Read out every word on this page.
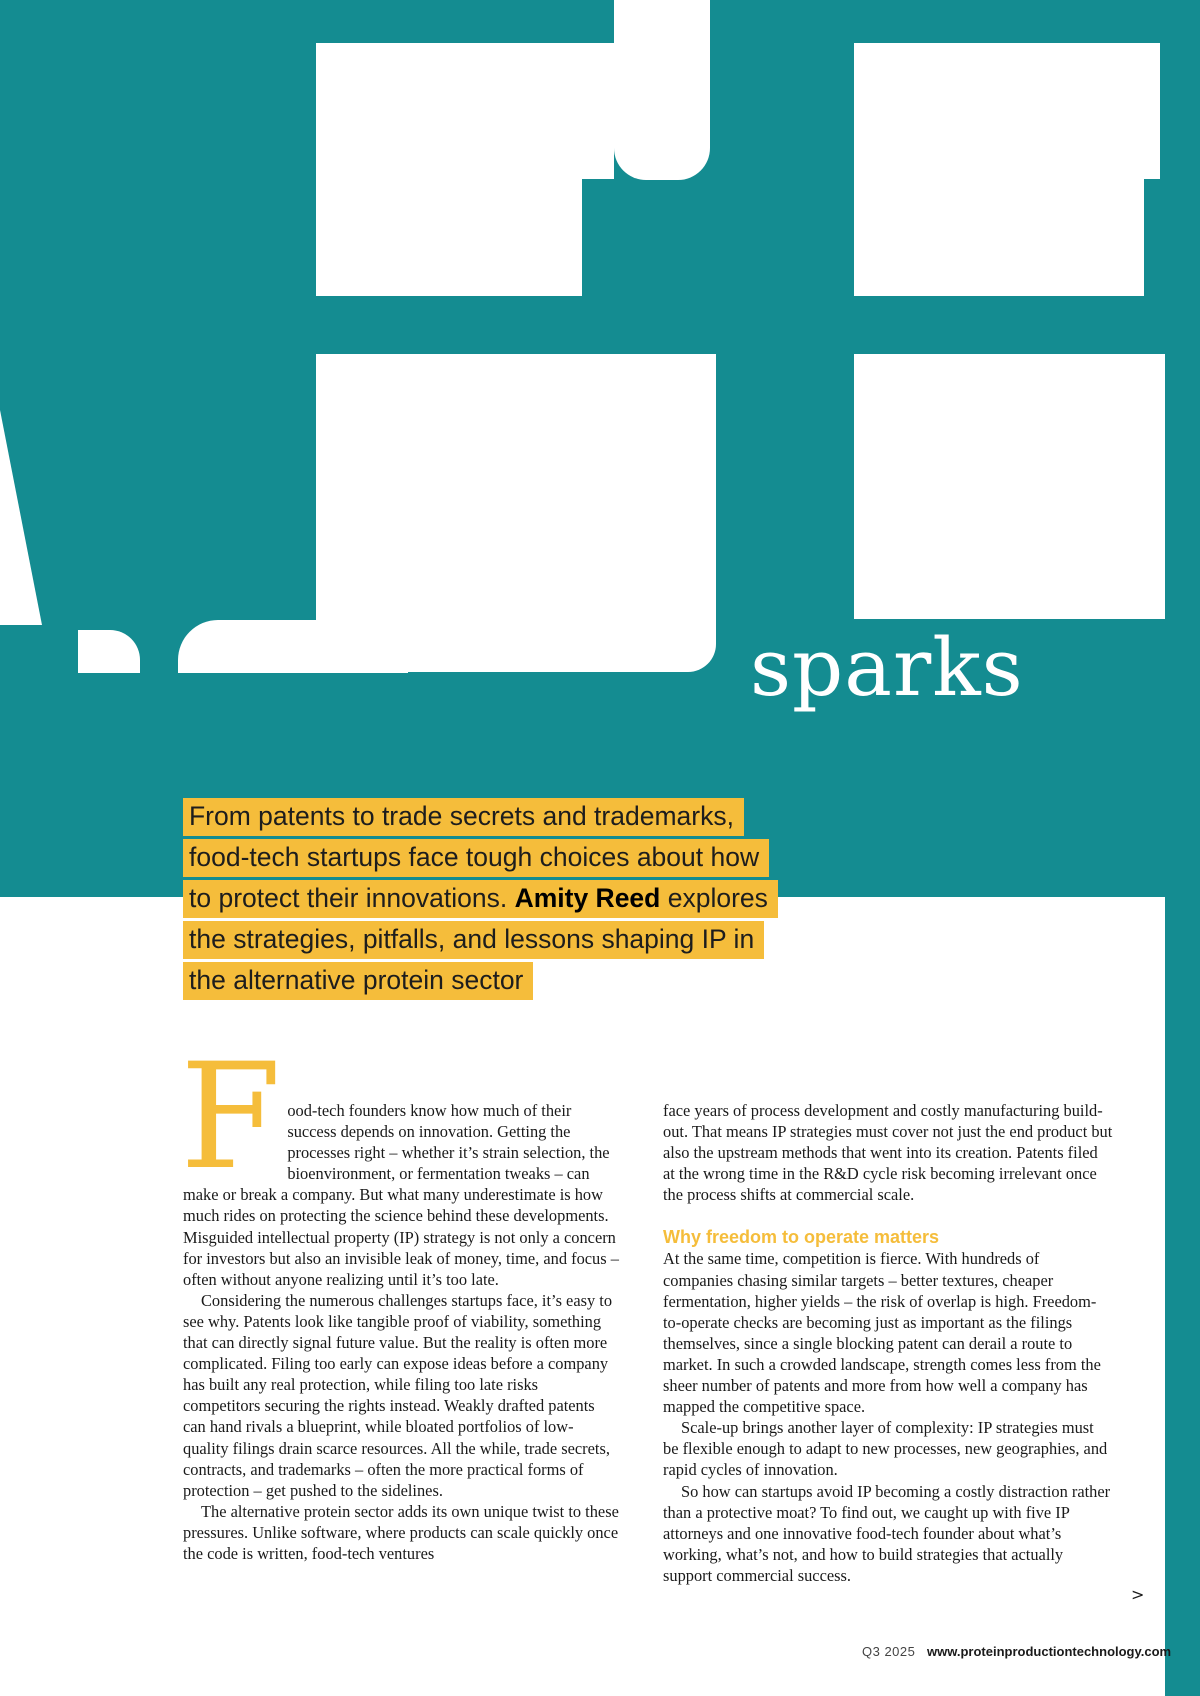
sparks
From patents to trade secrets and trademarks,
food-tech startups face tough choices about how
to protect their innovations. Amity Reed explores
the strategies, pitfalls, and lessons shaping IP in
the alternative protein sector

Food-tech founders know how much of their success depends on innovation. Getting the processes right – whether it’s strain selection, the bioenvironment, or fermentation tweaks – can make or break a company. But what many underestimate is how much rides on protecting the science behind these developments. Misguided intellectual property (IP) strategy is not only a concern for investors but also an invisible leak of money, time, and focus – often without anyone realizing until it’s too late.

Considering the numerous challenges startups face, it’s easy to see why. Patents look like tangible proof of viability, something that can directly signal future value. But the reality is often more complicated. Filing too early can expose ideas before a company has built any real protection, while filing too late risks competitors securing the rights instead. Weakly drafted patents can hand rivals a blueprint, while bloated portfolios of low-quality filings drain scarce resources. All the while, trade secrets, contracts, and trademarks – often the more practical forms of protection – get pushed to the sidelines.

The alternative protein sector adds its own unique twist to these pressures. Unlike software, where products can scale quickly once the code is written, food-tech ventures

face years of process development and costly manufacturing build-out. That means IP strategies must cover not just the end product but also the upstream methods that went into its creation. Patents filed at the wrong time in the R&D cycle risk becoming irrelevant once the process shifts at commercial scale.

Why freedom to operate matters

At the same time, competition is fierce. With hundreds of companies chasing similar targets – better textures, cheaper fermentation, higher yields – the risk of overlap is high. Freedom-to-operate checks are becoming just as important as the filings themselves, since a single blocking patent can derail a route to market. In such a crowded landscape, strength comes less from the sheer number of patents and more from how well a company has mapped the competitive space.

Scale-up brings another layer of complexity: IP strategies must be flexible enough to adapt to new processes, new geographies, and rapid cycles of innovation.

So how can startups avoid IP becoming a costly distraction rather than a protective moat? To find out, we caught up with five IP attorneys and one innovative food-tech founder about what’s working, what’s not, and how to build strategies that actually support commercial success.

>
Q3 2025 www.proteinproductiontechnology.com
